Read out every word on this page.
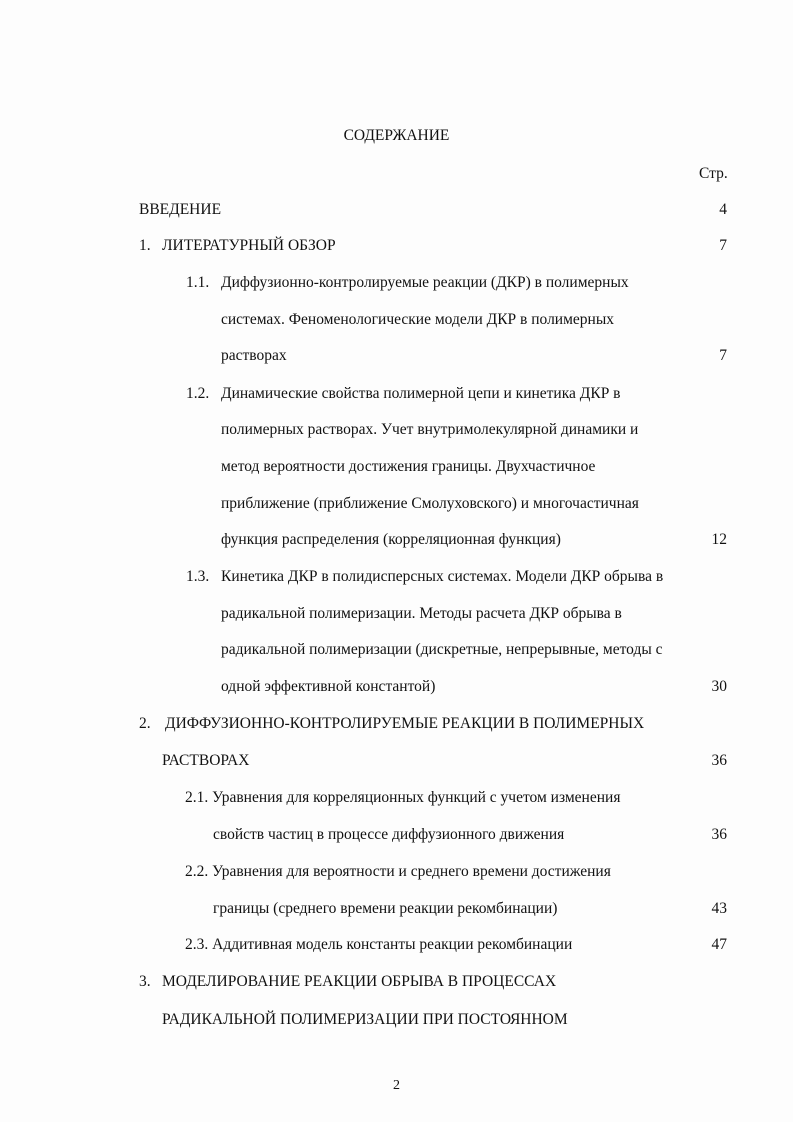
СОДЕРЖАНИЕ
Стр.
ВВЕДЕНИЕ	4
1. ЛИТЕРАТУРНЫЙ ОБЗОР	7
1.1. Диффузионно-контролируемые реакции (ДКР) в полимерных
системах. Феноменологические модели ДКР в полимерных
растворах	7
1.2. Динамические свойства полимерной цепи и кинетика ДКР в
полимерных растворах. Учет внутримолекулярной динамики и
метод вероятности достижения границы. Двухчастичное
приближение (приближение Смолуховского) и многочастичная
функция распределения (корреляционная функция)	12
1.3. Кинетика ДКР в полидисперсных системах. Модели ДКР обрыва в
радикальной полимеризации. Методы расчета ДКР обрыва в
радикальной полимеризации (дискретные, непрерывные, методы с
одной эффективной константой)	30
2. ДИФФУЗИОННО-КОНТРОЛИРУЕМЫЕ РЕАКЦИИ В ПОЛИМЕРНЫХ
РАСТВОРАХ	36
2.1. Уравнения для корреляционных функций с учетом изменения
свойств частиц в процессе диффузионного движения	36
2.2. Уравнения для вероятности и среднего времени достижения
границы (среднего времени реакции рекомбинации)	43
2.3. Аддитивная модель константы реакции рекомбинации	47
3. МОДЕЛИРОВАНИЕ РЕАКЦИИ ОБРЫВА В ПРОЦЕССАХ
РАДИКАЛЬНОЙ ПОЛИМЕРИЗАЦИИ ПРИ ПОСТОЯННОМ
2
